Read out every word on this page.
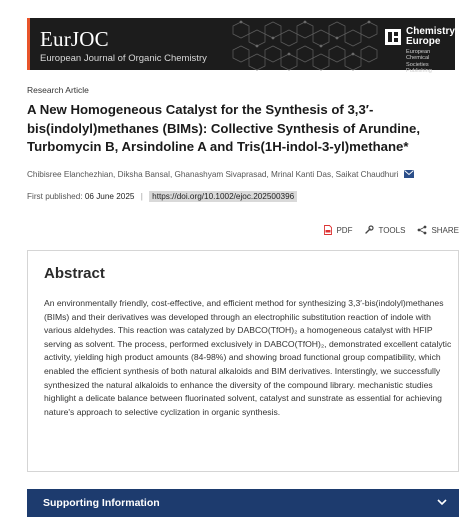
EurJOC
European Journal of Organic Chemistry
Chemistry
Europe
European Chemical
Societies Publishing
Research Article
A New Homogeneous Catalyst for the Synthesis of 3,3′-bis(indolyl)methanes (BIMs): Collective Synthesis of Arundine, Turbomycin B, Arsindoline A and Tris(1H-indol-3-yl)methane*
Chibisree Elanchezhian, Diksha Bansal, Ghanashyam Sivaprasad, Mrinal Kanti Das, Saikat Chaudhuri
First published: 06 June 2025 | https://doi.org/10.1002/ejoc.202500396
PDF	TOOLS	SHARE
Abstract

An environmentally friendly, cost-effective, and efficient method for synthesizing 3,3′-bis(indolyl)methanes (BIMs) and their derivatives was developed through an electrophilic substitution reaction of indole with various aldehydes. This reaction was catalyzed by DABCO(TfOH)₂ a homogeneous catalyst with HFIP serving as solvent. The process, performed exclusively in DABCO(TfOH)₂, demonstrated excellent catalytic activity, yielding high product amounts (84-98%) and showing broad functional group compatibility, which enabled the efficient synthesis of both natural alkaloids and BIM derivatives. Interstingly, we successfully synthesized the natural alkaloids to enhance the diversity of the compound library. mechanistic studies highlight a delicate balance between fluorinated solvent, catalyst and sunstrate as essential for achieving nature's approach to selective cyclization in organic synthesis.

Supporting Information
